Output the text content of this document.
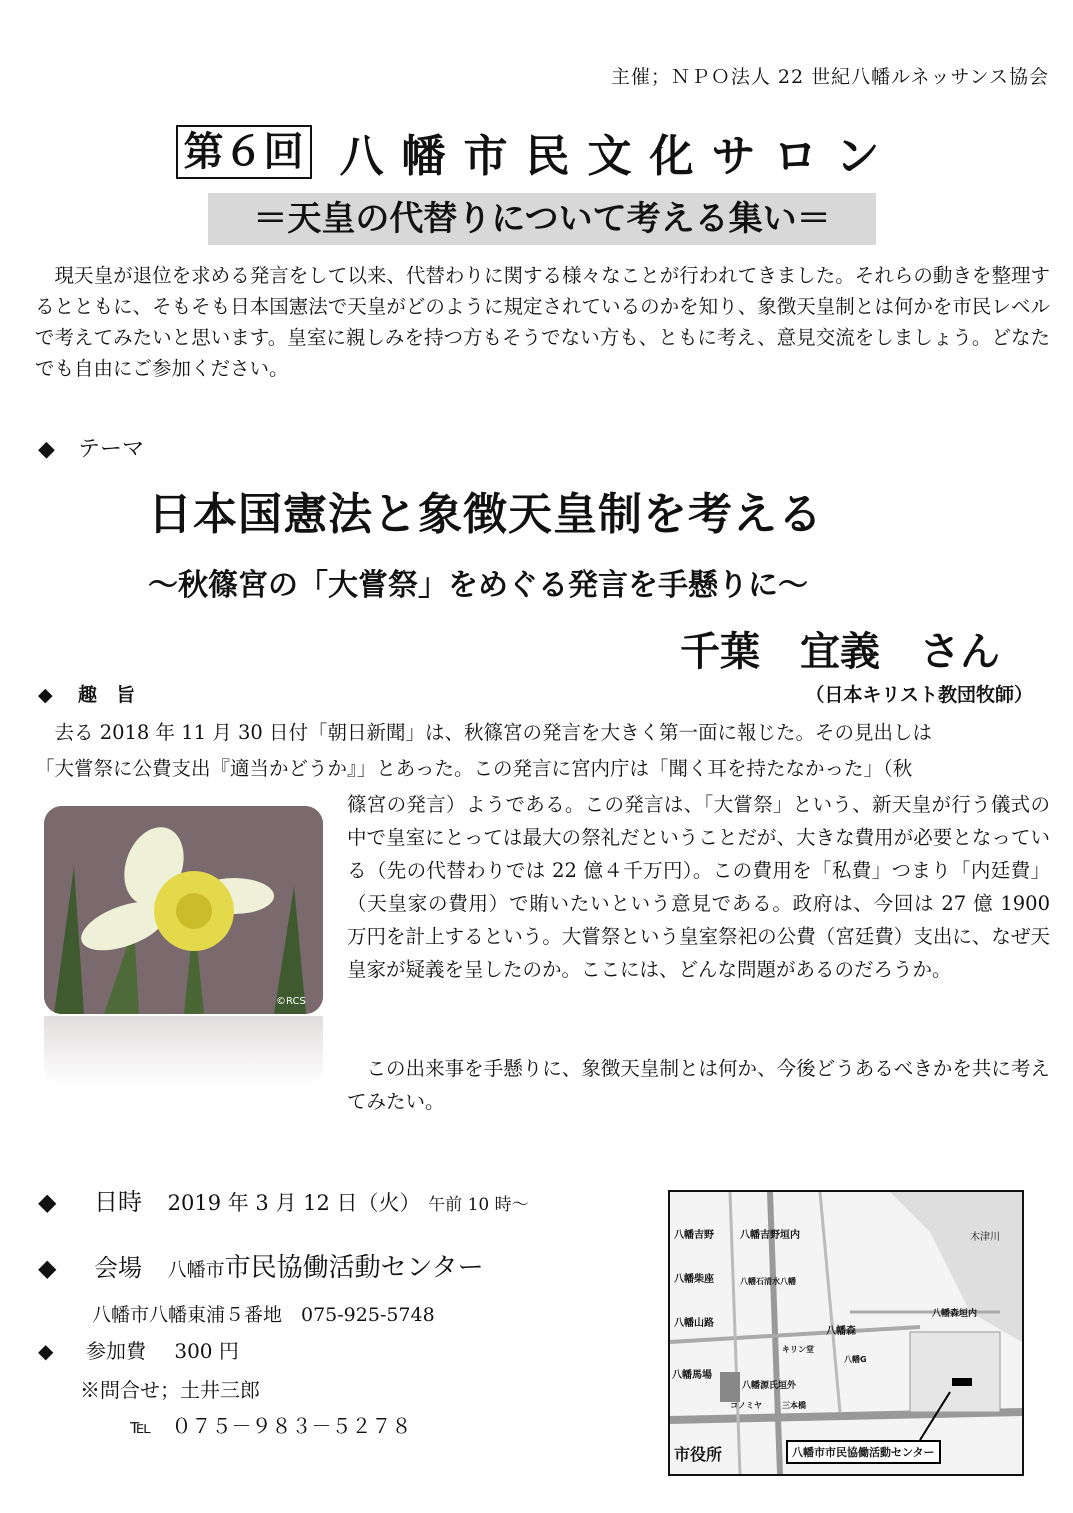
主催；ＮＰＯ法人 22 世紀八幡ルネッサンス協会
第６回 八幡市民文化サロン
＝天皇の代替りについて考える集い＝
　現天皇が退位を求める発言をして以来、代替わりに関する様々なことが行われてきました。それらの動きを整理するとともに、そもそも日本国憲法で天皇がどのように規定されているのかを知り、象徴天皇制とは何かを市民レベルで考えてみたいと思います。皇室に親しみを持つ方もそうでない方も、ともに考え、意見交流をしましょう。どなたでも自由にご参加ください。
◆ テーマ
日本国憲法と象徴天皇制を考える
～秋篠宮の「大嘗祭」をめぐる発言を手懸りに～
千葉　宜義　さん
◆ 趣　旨	（日本キリスト教団牧師）
　去る 2018 年 11 月 30 日付「朝日新聞」は、秋篠宮の発言を大きく第一面に報じた。その見出しは
「大嘗祭に公費支出『適当かどうか』」とあった。この発言に宮内庁は「聞く耳を持たなかった」（秋
篠宮の発言）ようである。この発言は、「大嘗祭」という、新天皇が行う儀式の中で皇室にとっては最大の祭礼だということだが、大きな費用が必要となっている（先の代替わりでは 22 億４千万円）。この費用を「私費」つまり「内廷費」（天皇家の費用）で賄いたいという意見である。政府は、今回は 27 億 1900 万円を計上するという。大嘗祭という皇室祭祀の公費（宮廷費）支出に、なぜ天皇家が疑義を呈したのか。ここには、どんな問題があるのだろうか。
　この出来事を手懸りに、象徴天皇制とは何か、今後どうあるべきかを共に考えてみたい。
©RCS
◆ 日時 2019 年 3 月 12 日（火） 午前 10 時～
◆ 会場 八幡市市民協働活動センター
八幡市八幡東浦５番地　075‐925‐5748
◆ 参加費 300 円
※問合せ；土井三郎
℡　０７５－９８３－５２７８
八幡吉野	八幡吉野垣内
八幡柴座	八幡石清水八幡
八幡山路
八幡森垣内
八幡森
八幡G
キリン堂
八幡源氏垣外
コノミヤ	三本橋
八幡馬場
木津川
市役所	八幡市市民協働活動センター
